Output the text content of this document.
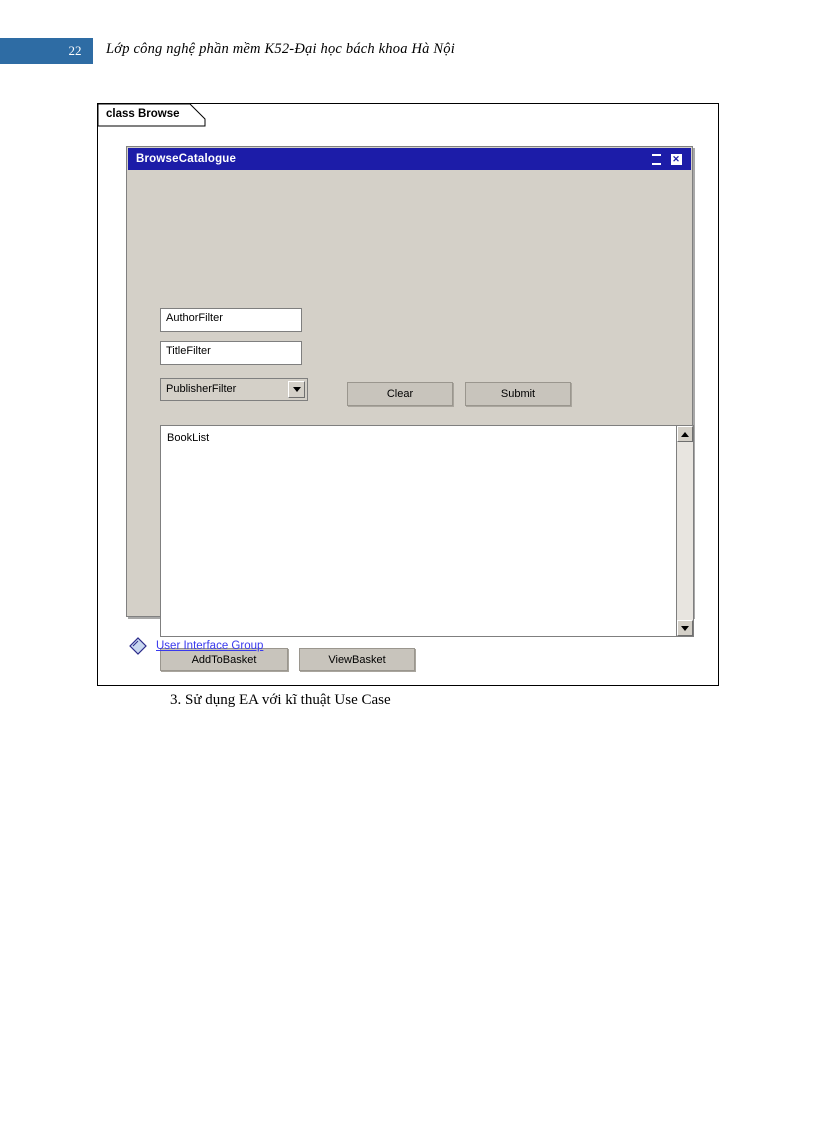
22	Lớp công nghệ phần mềm K52-Đại học bách khoa Hà Nội
class Browse
BrowseCatalogue	✕
AuthorFilter
TitleFilter
PublisherFilter	Clear	Submit
BookList
AddToBasket	ViewBasket
User Interface Group
3. Sử dụng EA với kĩ thuật Use Case
